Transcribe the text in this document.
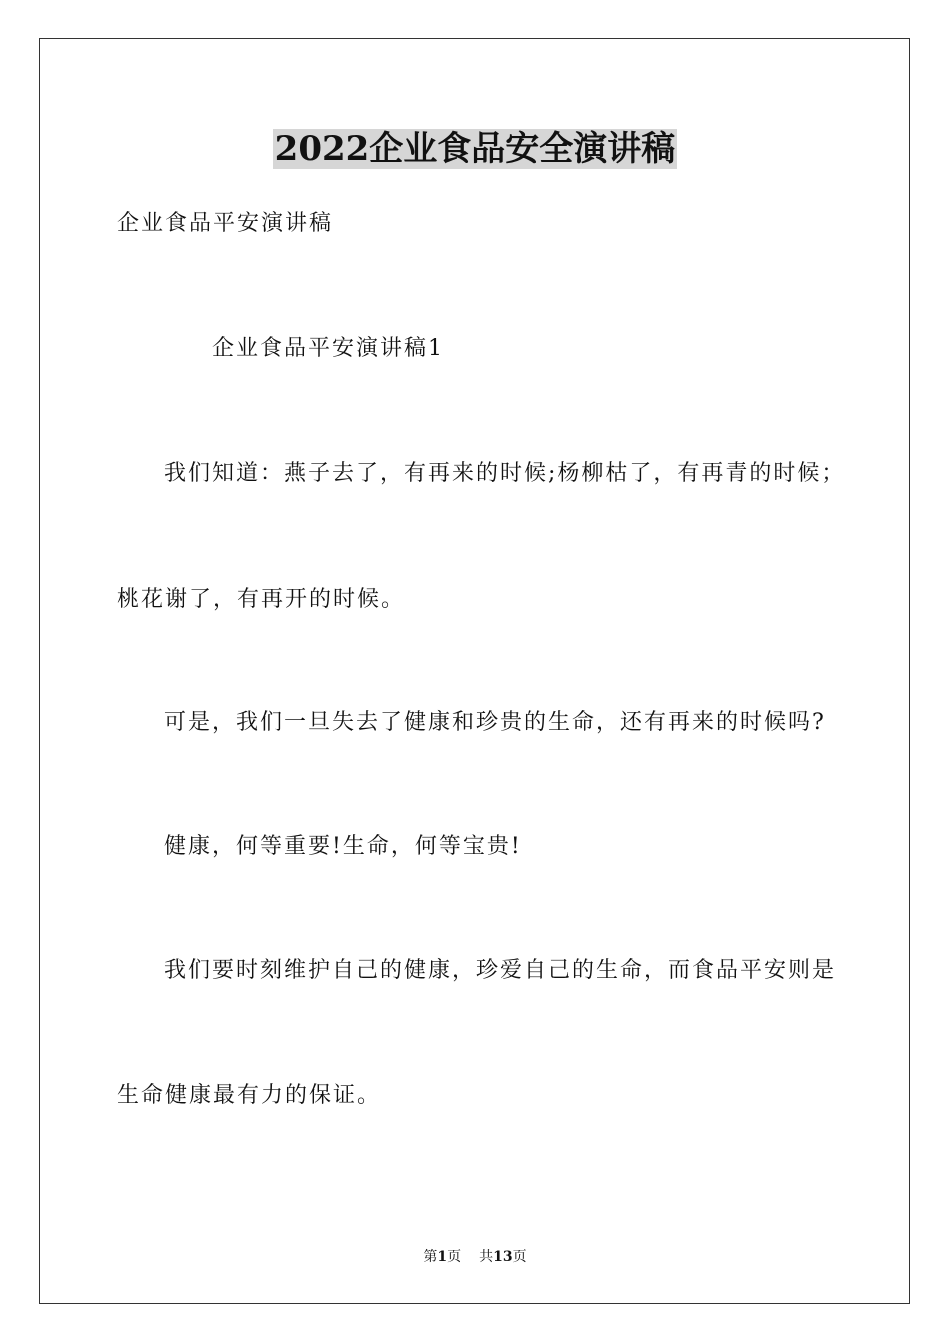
2022企业食品安全演讲稿
企业食品平安演讲稿
企业食品平安演讲稿1
我们知道：燕子去了，有再来的时候;杨柳枯了，有再青的时候；
桃花谢了，有再开的时候。
可是，我们一旦失去了健康和珍贵的生命，还有再来的时候吗?
健康，何等重要!生命，何等宝贵!
我们要时刻维护自己的健康，珍爱自己的生命，而食品平安则是
生命健康最有力的保证。
第1页 共13页
